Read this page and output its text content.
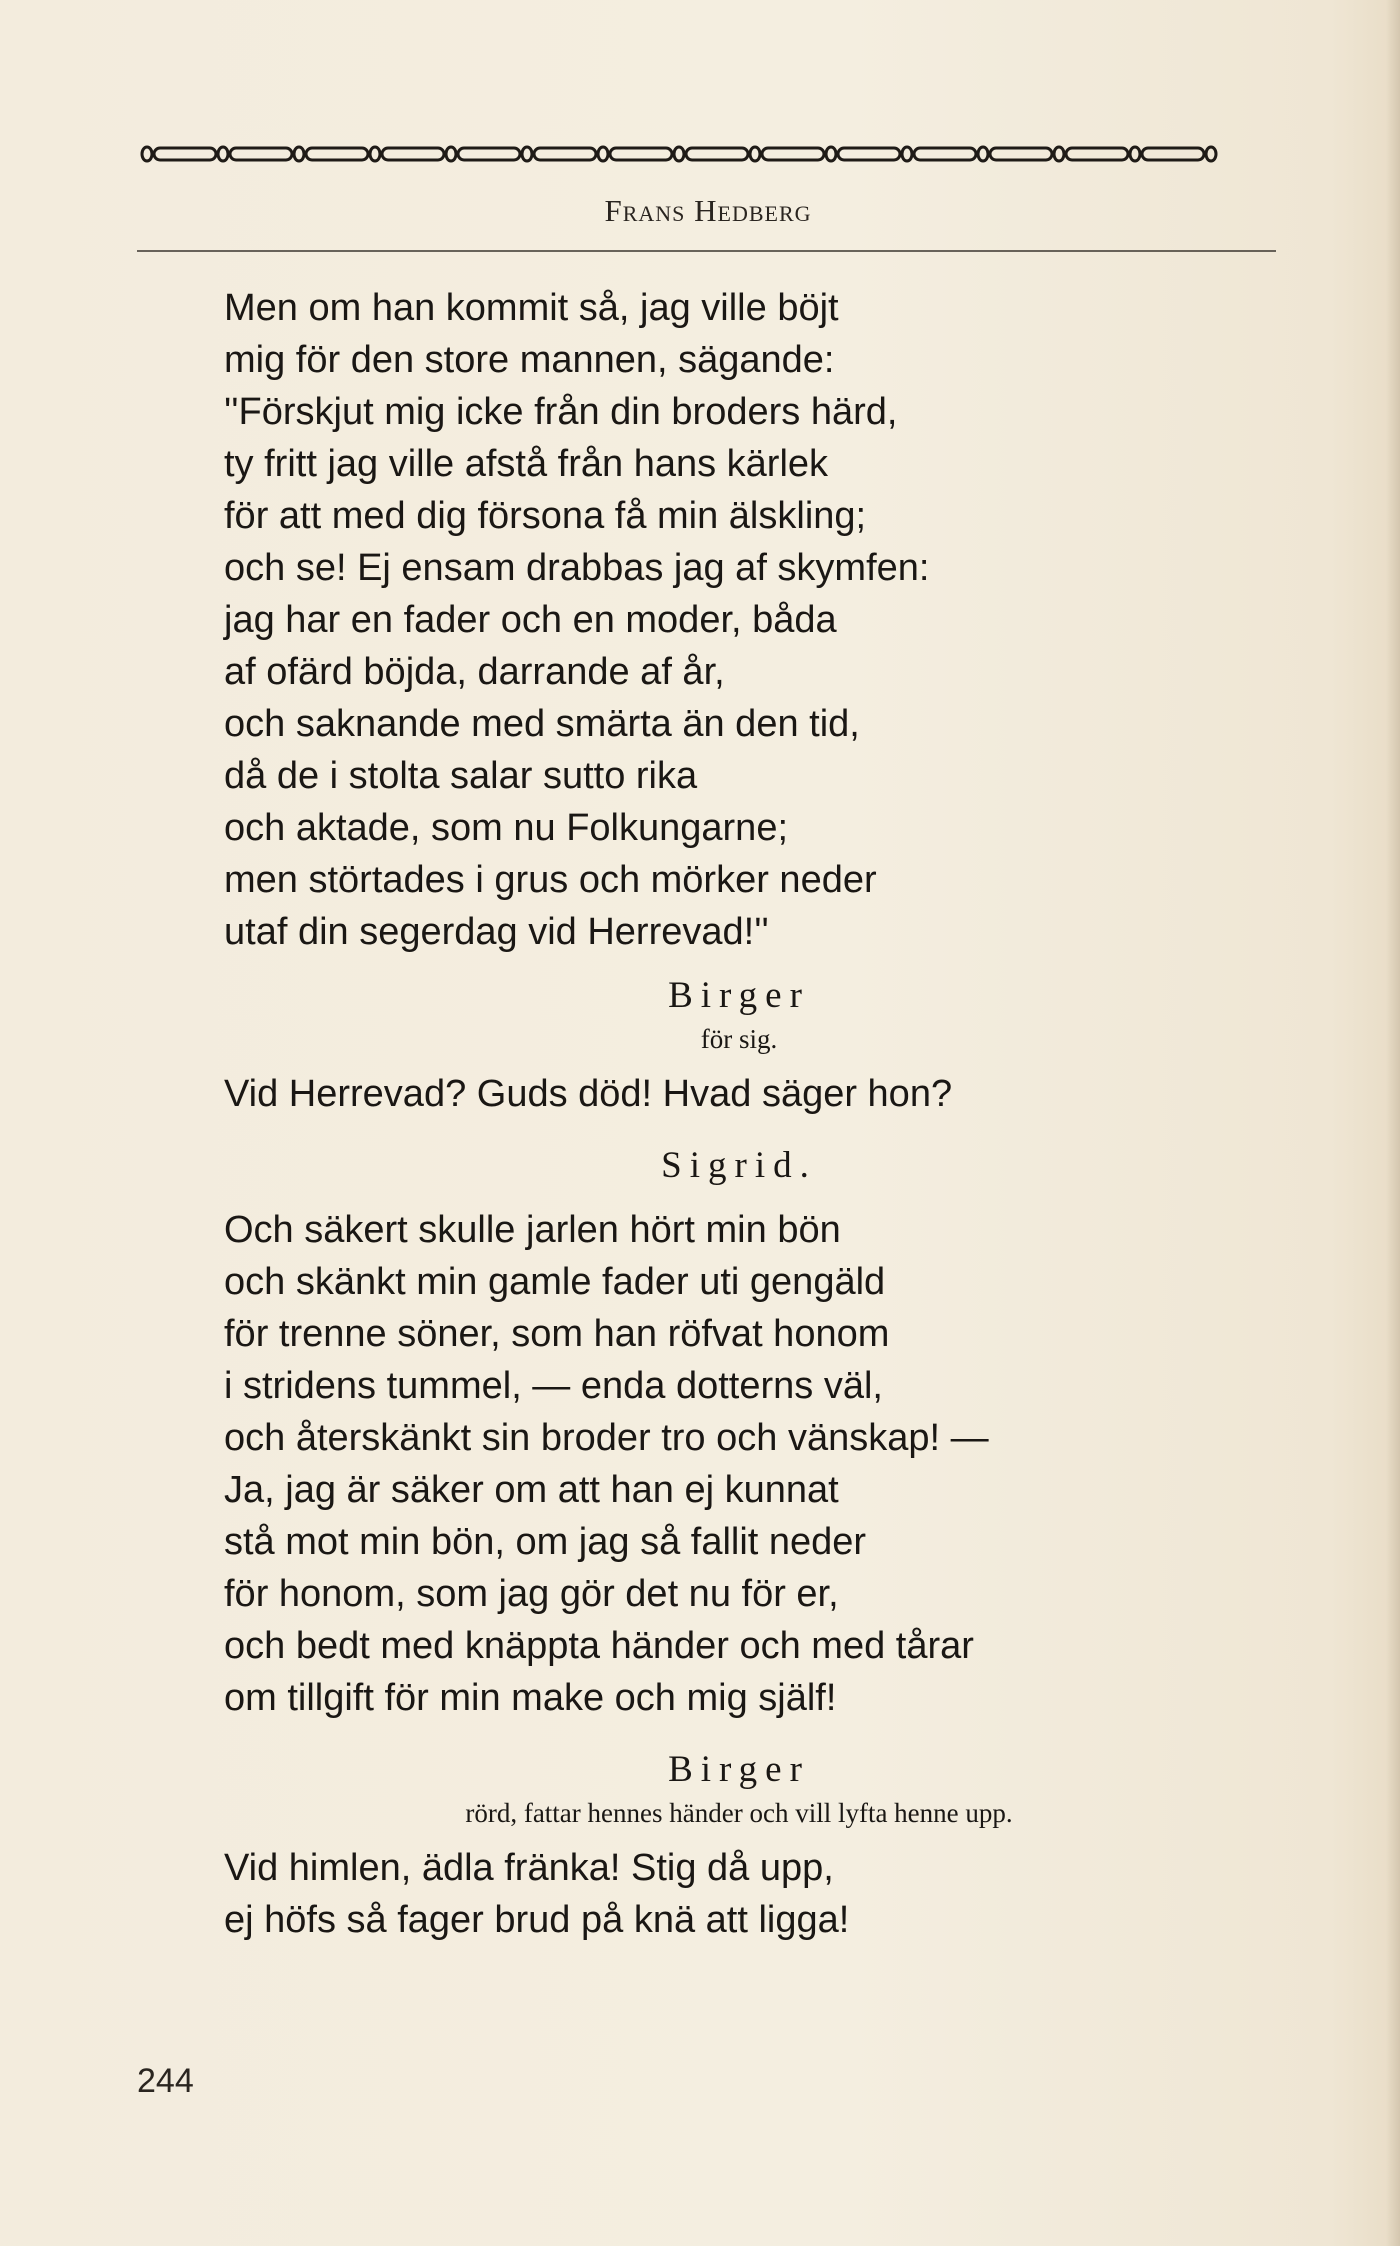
Frans Hedberg
Men om han kommit så, jag ville böjt
mig för den store mannen, sägande:
''Förskjut mig icke från din broders härd,
ty fritt jag ville afstå från hans kärlek
för att med dig försona få min älskling;
och se! Ej ensam drabbas jag af skymfen:
jag har en fader och en moder, båda
af ofärd böjda, darrande af år,
och saknande med smärta än den tid,
då de i stolta salar sutto rika
och aktade, som nu Folkungarne;
men störtades i grus och mörker neder
utaf din segerdag vid Herrevad!''
Birger
för sig.
Vid Herrevad? Guds död! Hvad säger hon?
Sigrid.
Och säkert skulle jarlen hört min bön
och skänkt min gamle fader uti gengäld
för trenne söner, som han röfvat honom
i stridens tummel, — enda dotterns väl,
och återskänkt sin broder tro och vänskap! —
Ja, jag är säker om att han ej kunnat
stå mot min bön, om jag så fallit neder
för honom, som jag gör det nu för er,
och bedt med knäppta händer och med tårar
om tillgift för min make och mig själf!
Birger
rörd, fattar hennes händer och vill lyfta henne upp.
Vid himlen, ädla fränka! Stig då upp,
ej höfs så fager brud på knä att ligga!
244
